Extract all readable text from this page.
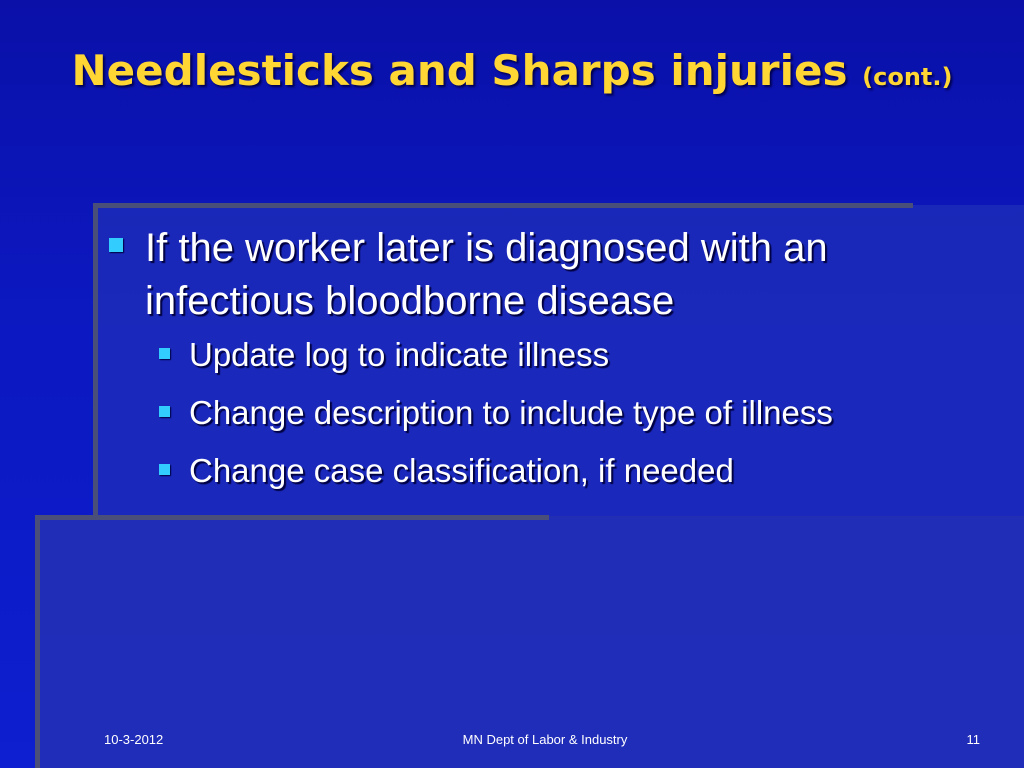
Needlesticks and Sharps injuries (cont.)
If the worker later is diagnosed with an infectious bloodborne disease
Update log to indicate illness
Change description to include type of illness
Change case classification, if needed
10-3-2012	MN Dept of Labor & Industry	11
